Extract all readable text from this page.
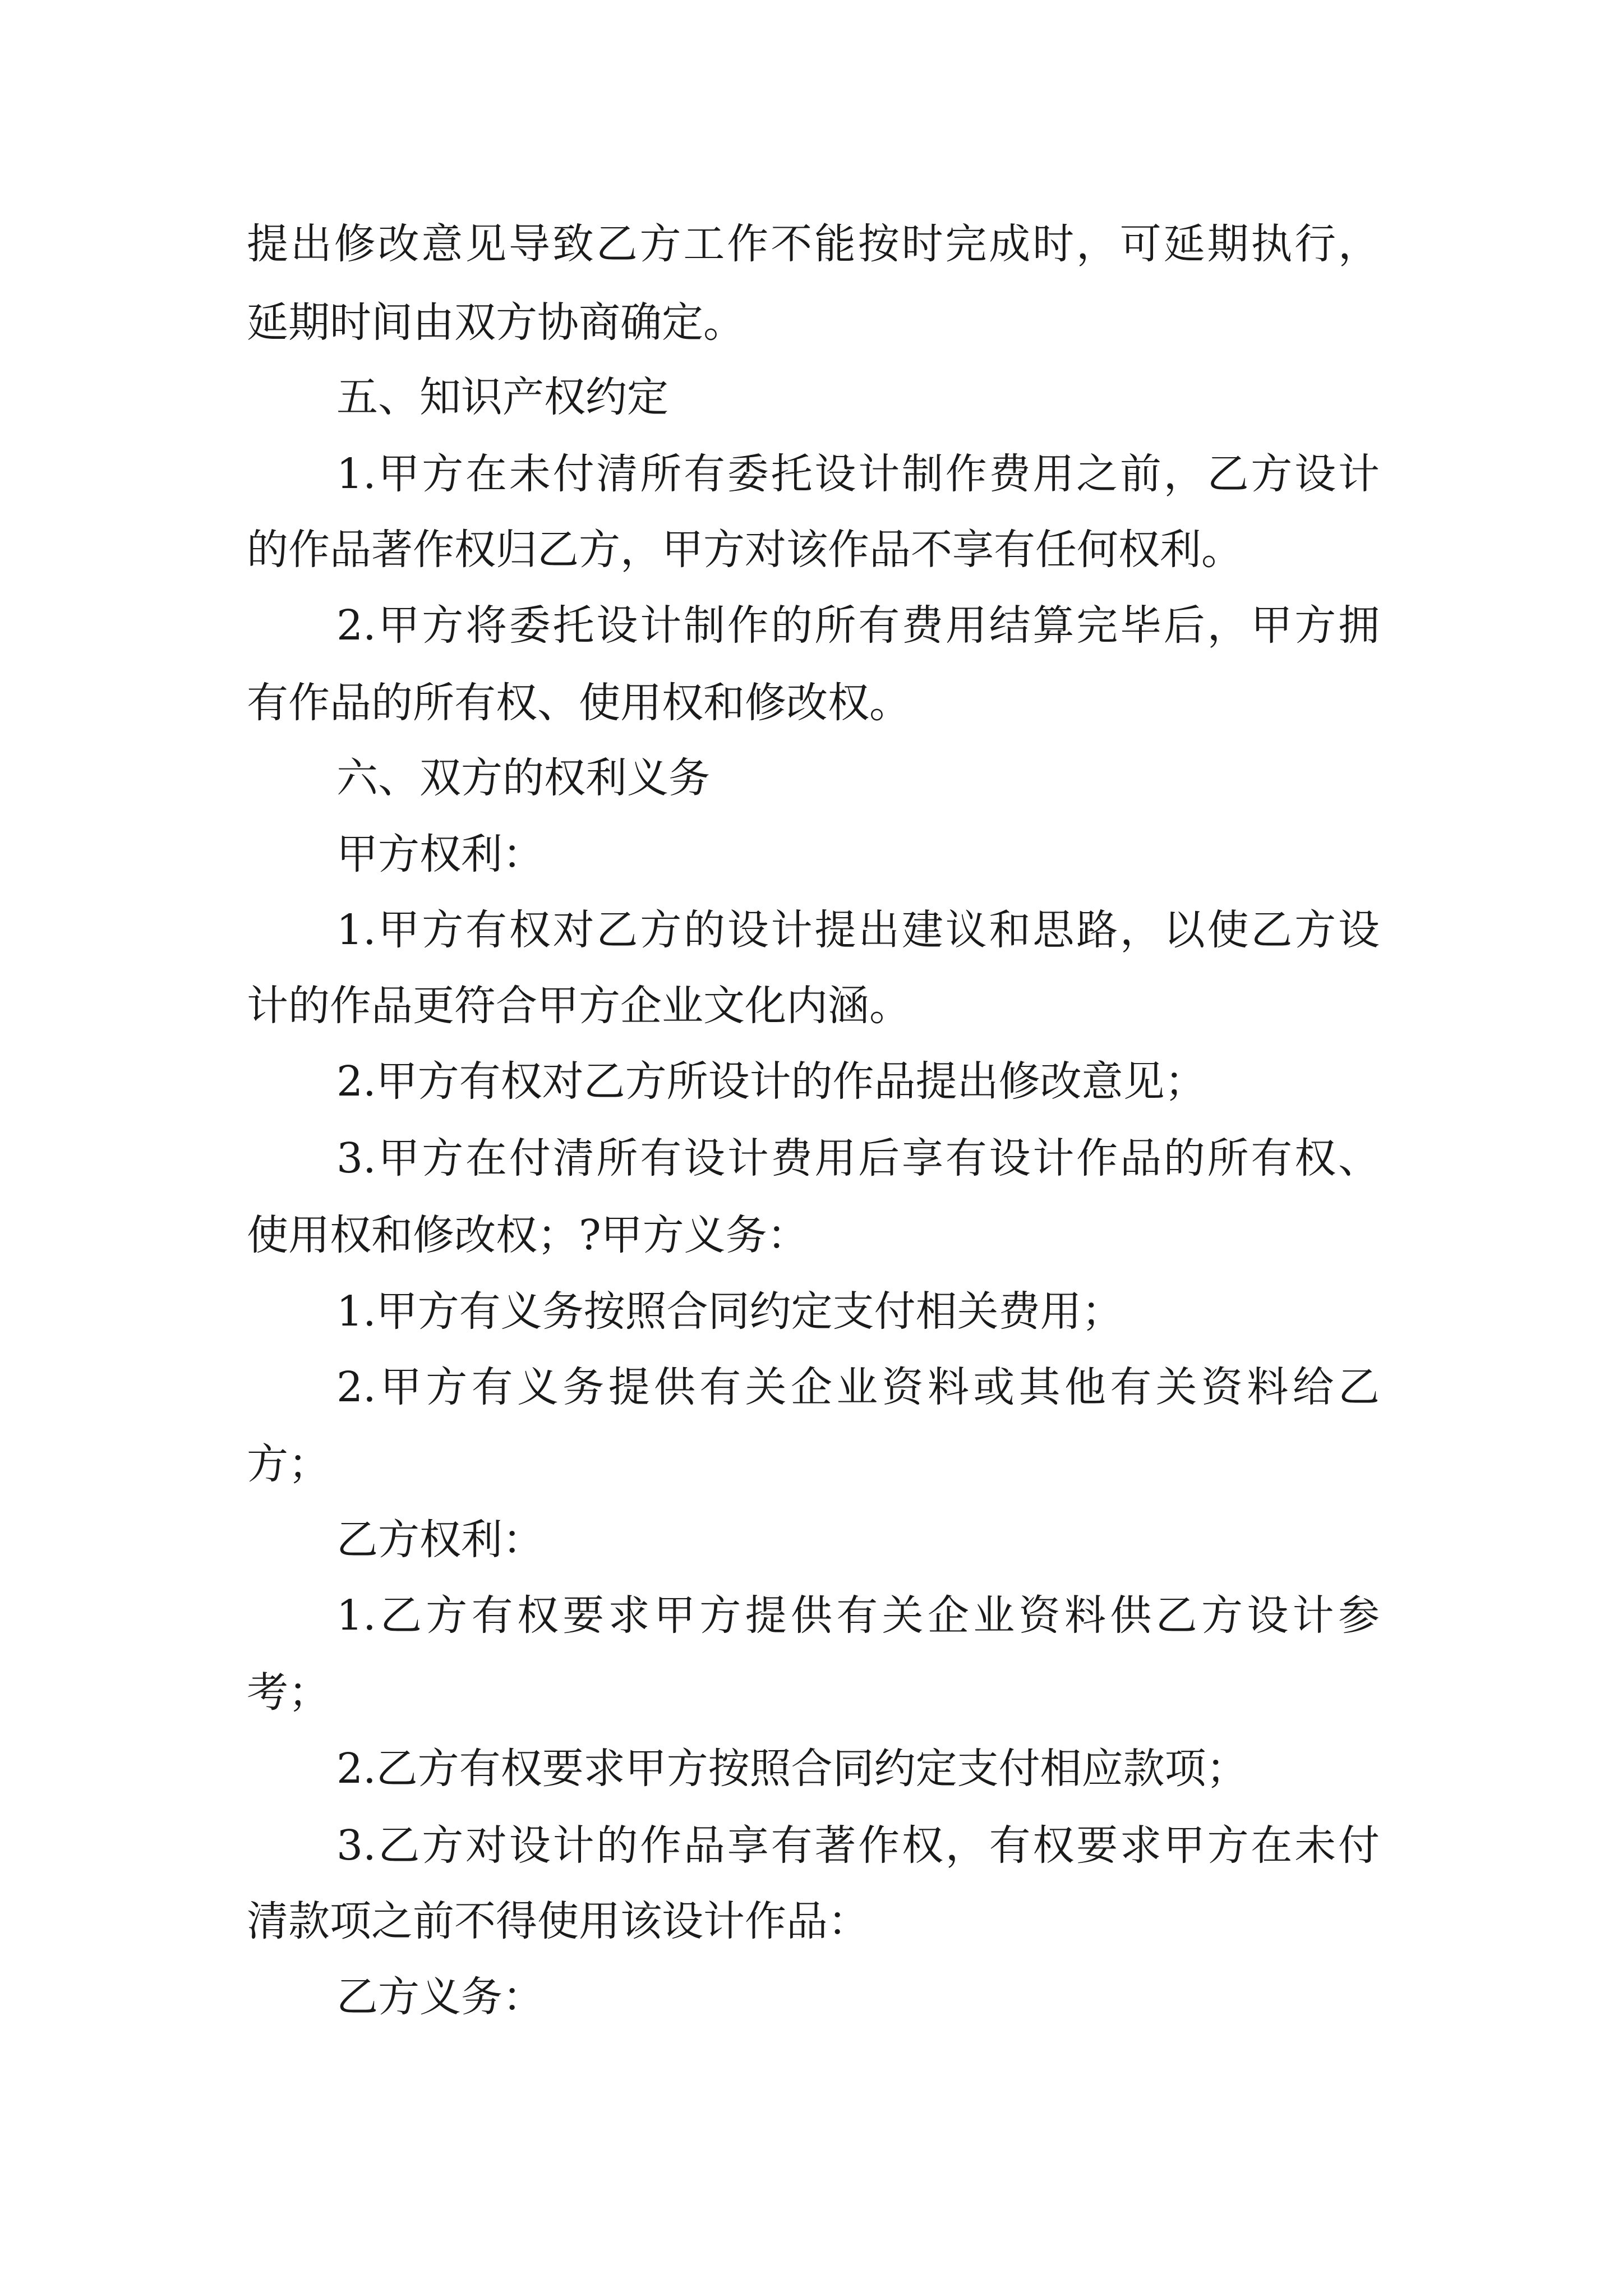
提出修改意见导致乙方工作不能按时完成时，可延期执行，
延期时间由双方协商确定。
五、知识产权约定
1.甲方在未付清所有委托设计制作费用之前，乙方设计
的作品著作权归乙方，甲方对该作品不享有任何权利。
2.甲方将委托设计制作的所有费用结算完毕后，甲方拥
有作品的所有权、使用权和修改权。
六、双方的权利义务
甲方权利：
1.甲方有权对乙方的设计提出建议和思路，以使乙方设
计的作品更符合甲方企业文化内涵。
2.甲方有权对乙方所设计的作品提出修改意见；
3.甲方在付清所有设计费用后享有设计作品的所有权、
使用权和修改权；?甲方义务：
1.甲方有义务按照合同约定支付相关费用；
2.甲方有义务提供有关企业资料或其他有关资料给乙
方；
乙方权利：
1.乙方有权要求甲方提供有关企业资料供乙方设计参
考；
2.乙方有权要求甲方按照合同约定支付相应款项；
3.乙方对设计的作品享有著作权，有权要求甲方在未付
清款项之前不得使用该设计作品：
乙方义务：
